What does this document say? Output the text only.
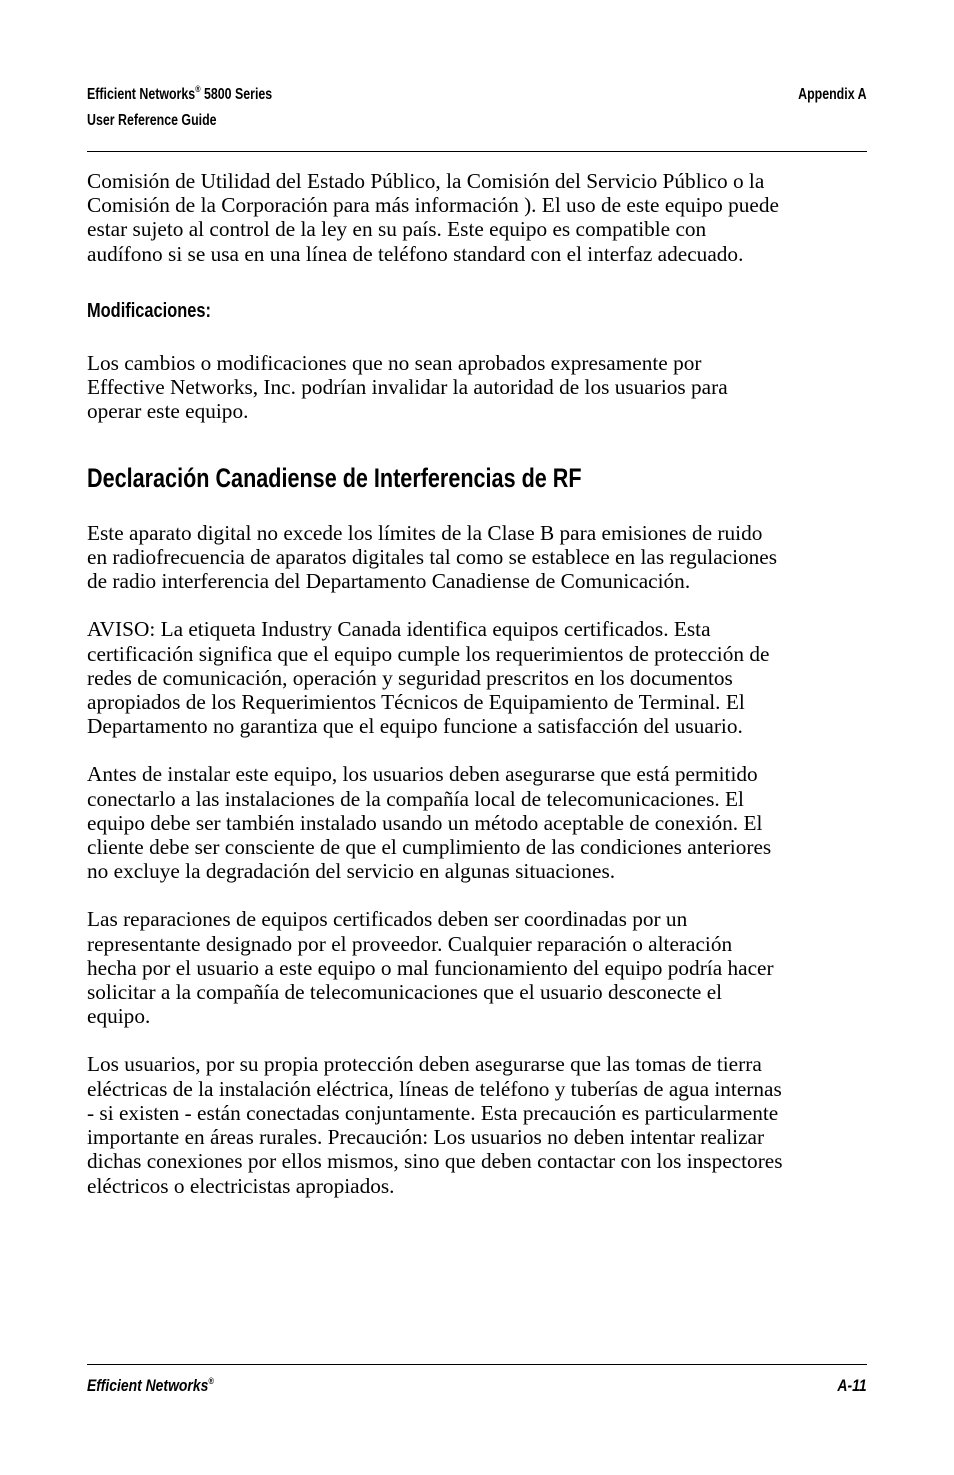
Efficient Networks® 5800 Series
User Reference Guide
Appendix A

Comisión de Utilidad del Estado Público, la Comisión del Servicio Público o la
Comisión de la Corporación para más información ). El uso de este equipo puede
estar sujeto al control de la ley en su país. Este equipo es compatible con
audífono si se usa en una línea de teléfono standard con el interfaz adecuado.

Modificaciones:

Los cambios o modificaciones que no sean aprobados expresamente por
Effective Networks, Inc. podrían invalidar la autoridad de los usuarios para
operar este equipo.

Declaración Canadiense de Interferencias de RF

Este aparato digital no excede los límites de la Clase B para emisiones de ruido
en radiofrecuencia de aparatos digitales tal como se establece en las regulaciones
de radio interferencia del Departamento Canadiense de Comunicación.

AVISO: La etiqueta Industry Canada identifica equipos certificados. Esta
certificación significa que el equipo cumple los requerimientos de protección de
redes de comunicación, operación y seguridad prescritos en los documentos
apropiados de los Requerimientos Técnicos de Equipamiento de Terminal. El
Departamento no garantiza que el equipo funcione a satisfacción del usuario.

Antes de instalar este equipo, los usuarios deben asegurarse que está permitido
conectarlo a las instalaciones de la compañía local de telecomunicaciones. El
equipo debe ser también instalado usando un método aceptable de conexión. El
cliente debe ser consciente de que el cumplimiento de las condiciones anteriores
no excluye la degradación del servicio en algunas situaciones.

Las reparaciones de equipos certificados deben ser coordinadas por un
representante designado por el proveedor. Cualquier reparación o alteración
hecha por el usuario a este equipo o mal funcionamiento del equipo podría hacer
solicitar a la compañía de telecomunicaciones que el usuario desconecte el
equipo.

Los usuarios, por su propia protección deben asegurarse que las tomas de tierra
eléctricas de la instalación eléctrica, líneas de teléfono y tuberías de agua internas
- si existen - están conectadas conjuntamente. Esta precaución es particularmente
importante en áreas rurales. Precaución: Los usuarios no deben intentar realizar
dichas conexiones por ellos mismos, sino que deben contactar con los inspectores
eléctricos o electricistas apropiados.

Efficient Networks®	A-11
